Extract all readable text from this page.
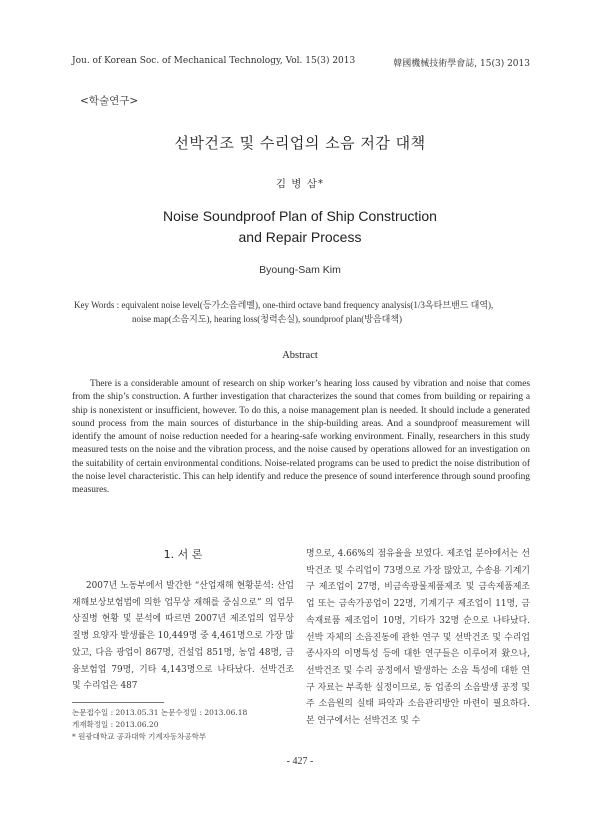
Jou. of Korean Soc. of Mechanical Technology, Vol. 15(3) 2013	韓國機械技術學會誌, 15(3) 2013
<학술연구>
선박건조 및 수리업의 소음 저감 대책
김 병 삼*
Noise Soundproof Plan of Ship Construction
and Repair Process
Byoung-Sam Kim
Key Words : equivalent noise level(등가소음레벨), one-third octave band frequency analysis(1/3옥타브밴드 대역),
noise map(소음지도), hearing loss(청력손실), soundproof plan(방음대책)
Abstract
There is a considerable amount of research on ship worker’s hearing loss caused by vibration and noise that comes from the ship’s construction. A further investigation that characterizes the sound that comes from building or repairing a ship is nonexistent or insufficient, however. To do this, a noise management plan is needed. It should include a generated sound process from the main sources of disturbance in the ship-building areas. And a soundproof measurement will identify the amount of noise reduction needed for a hearing-safe working environment. Finally, researchers in this study measured tests on the noise and the vibration process, and the noise caused by operations allowed for an investigation on the suitability of certain environmental conditions. Noise-related programs can be used to predict the noise distribution of the noise level characteristic. This can help identify and reduce the presence of sound interference through sound proofing measures.
1. 서 론
2007년 노동부에서 발간한 “산업재해 현황분석: 산업재해보상보험법에 의한 업무상 재해를 중심으로” 의 업무상질병 현황 및 분석에 따르면 2007년 제조업의 업무상 질병 요양자 발생률은 10,449명 중 4,461명으로 가장 많았고, 다음 광업이 867명, 건설업 851명, 농업 48명, 금융보험업 79명, 기타 4,143명으로 나타났다. 선박건조 및 수리업은 487
명으로, 4.66%의 점유율을 보였다. 제조업 분야에서는 선박건조 및 수리업이 73명으로 가장 많았고, 수송용 기계기구 제조업이 27명, 비금속광물제품제조 및 금속제품제조업 또는 금속가공업이 22명, 기계기구 제조업이 11명, 금속재료품 제조업이 10명, 기타가 32명 순으로 나타났다. 선박 자체의 소음진동에 관한 연구 및 선박건조 및 수리업 종사자의 이명특성 등에 대한 연구들은 이루어져 왔으나, 선박건조 및 수리 공정에서 발생하는 소음 특성에 대한 연구 자료는 부족한 실정이므로, 동 업종의 소음발생 공정 및 주 소음원의 실태 파악과 소음관리방안 마련이 필요하다. 본 연구에서는 선박건조 및 수
논문접수일 : 2013.05.31 논문수정일 : 2013.06.18
게재확정일 : 2013.06.20
* 원광대학교 공과대학 기계자동차공학부
- 427 -
